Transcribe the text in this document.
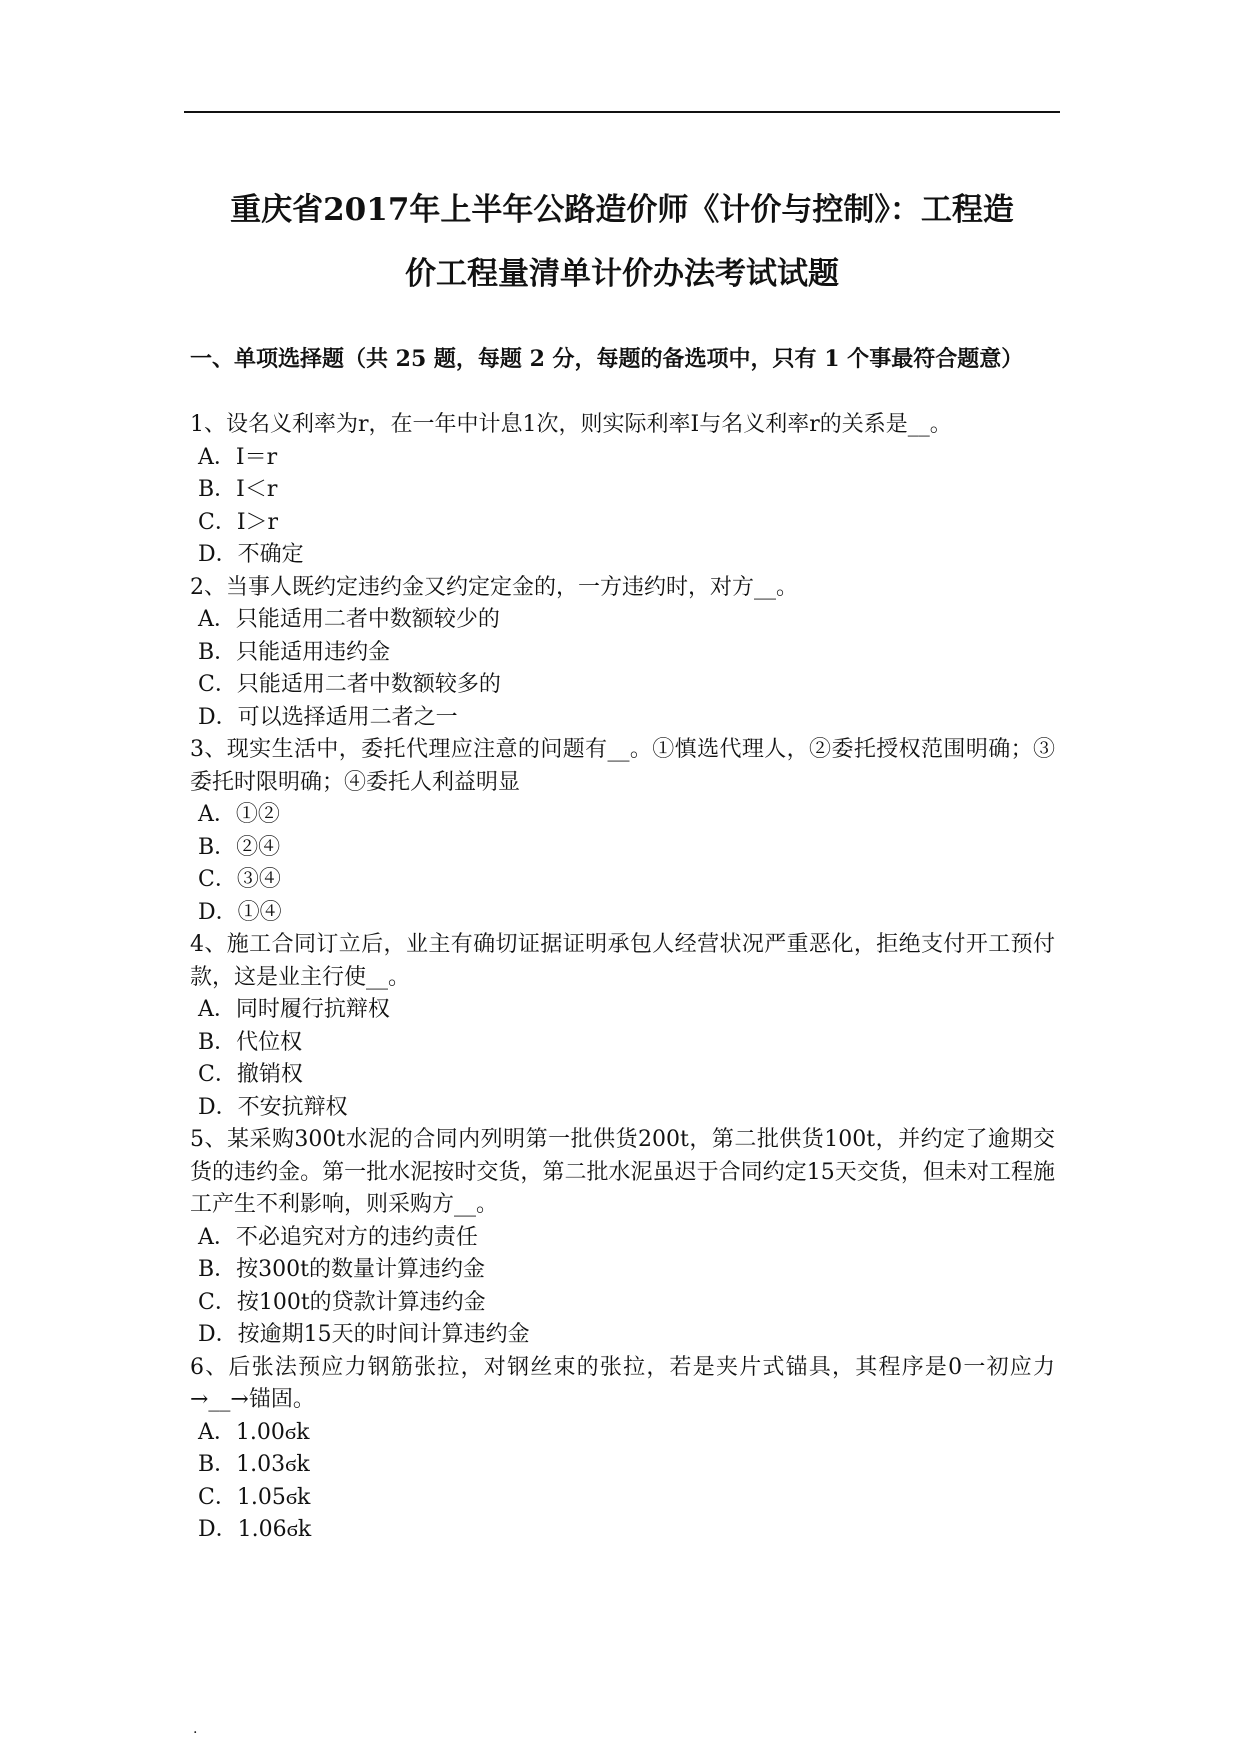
重庆省2017年上半年公路造价师《计价与控制》：工程造
价工程量清单计价办法考试试题
一、单项选择题（共 25 题，每题 2 分，每题的备选项中，只有 1 个事最符合题意）
1、设名义利率为r，在一年中计息1次，则实际利率I与名义利率r的关系是__。
A．I＝r
B．I＜r
C．I＞r
D．不确定
2、当事人既约定违约金又约定定金的，一方违约时，对方__。
A．只能适用二者中数额较少的
B．只能适用违约金
C．只能适用二者中数额较多的
D．可以选择适用二者之一
3、现实生活中，委托代理应注意的问题有__。①慎选代理人，②委托授权范围明确；③委托时限明确；④委托人利益明显
A．①②
B．②④
C．③④
D．①④
4、施工合同订立后，业主有确切证据证明承包人经营状况严重恶化，拒绝支付开工预付款，这是业主行使__。
A．同时履行抗辩权
B．代位权
C．撤销权
D．不安抗辩权
5、某采购300t水泥的合同内列明第一批供货200t，第二批供货100t，并约定了逾期交货的违约金。第一批水泥按时交货，第二批水泥虽迟于合同约定15天交货，但未对工程施工产生不利影响，则采购方__。
A．不必追究对方的违约责任
B．按300t的数量计算违约金
C．按100t的贷款计算违约金
D．按逾期15天的时间计算违约金
6、后张法预应力钢筋张拉，对钢丝束的张拉，若是夹片式锚具，其程序是0一初应力→__→锚固。
A．1.00ϭk
B．1.03ϭk
C．1.05ϭk
D．1.06ϭk
.
